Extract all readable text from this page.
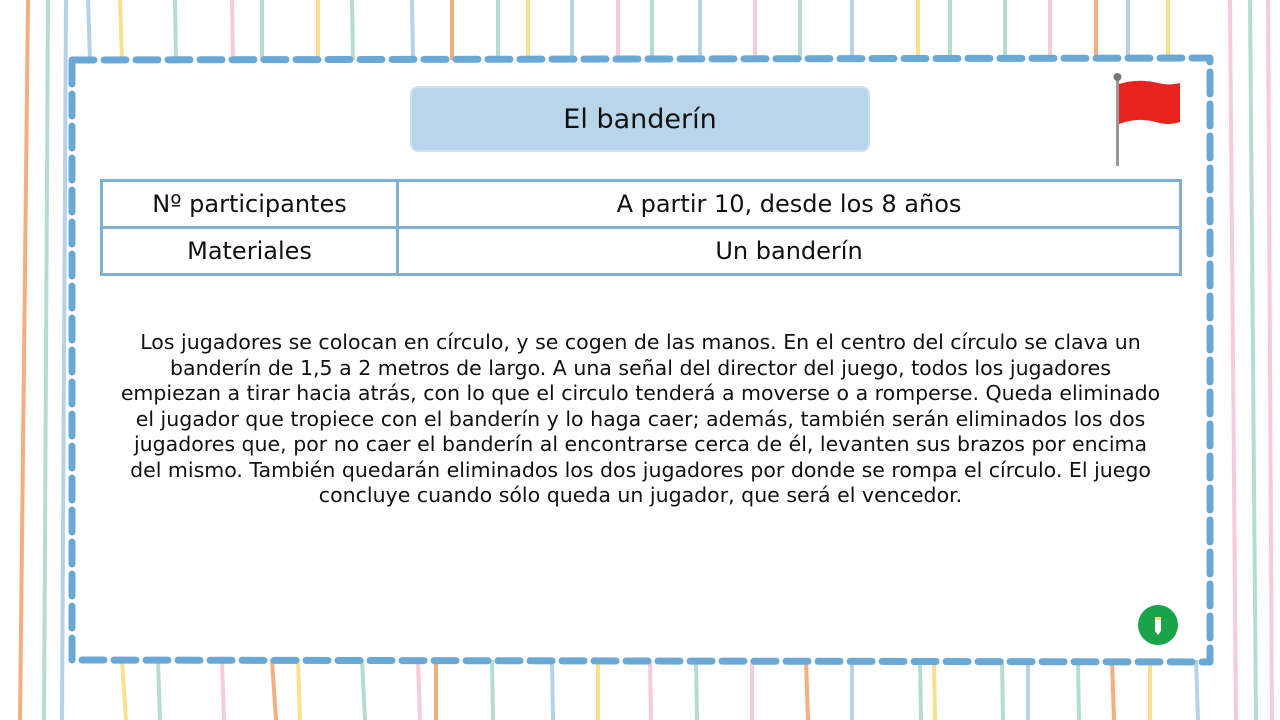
El banderín
Nº participantes	A partir 10, desde los 8 años
Materiales	Un banderín

Los jugadores se colocan en círculo, y se cogen de las manos. En el centro del círculo se clava un banderín de 1,5 a 2 metros de largo. A una señal del director del juego, todos los jugadores empiezan a tirar hacia atrás, con lo que el circulo tenderá a moverse o a romperse. Queda eliminado el jugador que tropiece con el banderín y lo haga caer; además, también serán eliminados los dos jugadores que, por no caer el banderín al encontrarse cerca de él, levanten sus brazos por encima del mismo. También quedarán eliminados los dos jugadores por donde se rompa el círculo. El juego concluye cuando sólo queda un jugador, que será el vencedor.
